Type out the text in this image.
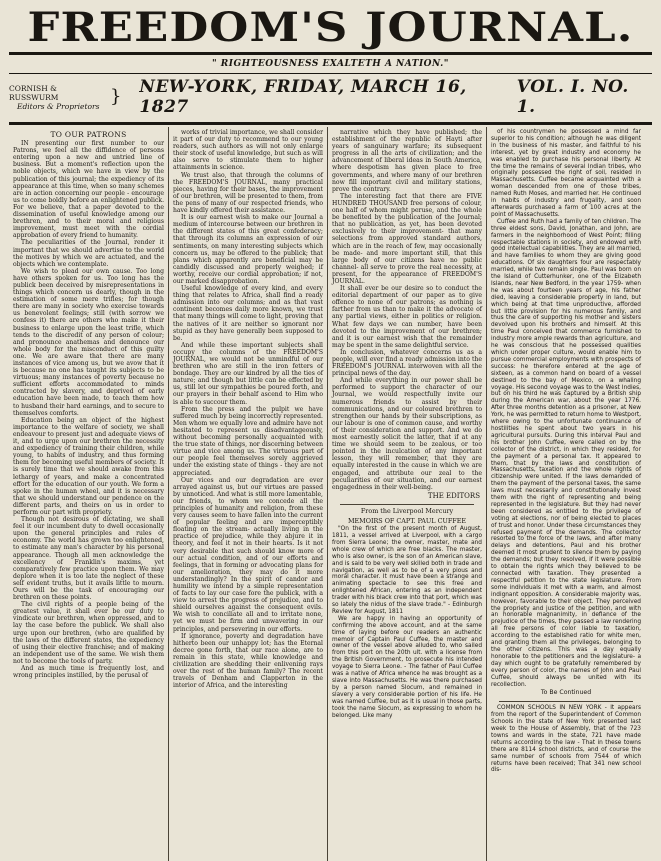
FREEDOM'S JOURNAL.
" RIGHTEOUSNESS EXALTETH A NATION."
CORNISH & RUSSWURM
Editors & Proprietors } NEW-YORK, FRIDAY, MARCH 16, 1827
VOL. I. NO. 1.
TO OUR PATRONS

IN presenting our first number to our Patrons, we feel all the diffidence of persons entering upon a new and untried line of business. But a moment's reflection upon the noble objects, which we have in view by the publication of this journal; the expediency of its appearance at this time, when so many schemes are in action concerning our people - encourage us to come boldly before an enlightened publick. For we believe, that a paper devoted to the dissemination of useful knowledge among our brethren, and to their moral and religious improvement, must meet with the cordial approbation of every friend to humanity.

The peculiarities of the Journal, render it important that we should advertise to the world the motives by which we are actuated, and the objects which we contemplate.

We wish to plead our own cause. Too long have others spoken for us. Too long has the publick been deceived by misrepresentations in things which concern us dearly, though in the estimation of some mere trifles; for though there are many in society who exercise towards us benevolent feelings; still (with sorrow we confess it) there are others who make it their business to enlarge upon the least trifle, which tends to the discredit of any person of colour; and pronounce anathemas and denounce our whole body for the misconduct of this guilty one. We are aware that there are many instances of vice among us, but we avow that it is because no one has taught its subjects to be virtuous; many instances of poverty because no sufficient efforts accommodated to minds contracted by slavery, and deprived of early education have been made, to teach them how to husband their hard earnings, and to secure to themselves comforts.

Education being an object of the highest importance to the welfare of society, we shall endeavour to present just and adequate views of it, and to urge upon our brethren the necessity and expediency of training their children, while young, to habits of industry, and thus forming them for becoming useful members of society. It is surely time that we should awake from this lethargy of years, and make a concentrated effort for the education of our youth. We form a spoke in the human wheel, and it is necessary that we should understand our pendence on the different parts, and theirs on us in order to perform our part with propriety.

Though not desirous of dictating, we shall feel it our incumbent duty to dwell occasionally upon the general principles and rules of economy. The world has grown too enlightened, to estimate any man's character by his personal appearance. Though all men acknowledge the excellency of Franklin's maxims, yet comparatively few practice upon them. We may deplore when it is too late the neglect of these self evident truths, but it avails little to mourn. Ours will be the task of encouraging our brethren on these points.

The civil rights of a people being of the greatest value, it shall ever be our duty to vindicate our brethren, when oppressed, and to lay the case before the publick. We shall also urge upon our brethren, (who are qualified by the laws of the different states, the expediency of using their elective franchise; and of making an independent use of the same. We wish them not to become the tools of party.

And as much time is frequently lost, and wrong principles instilled, by the perusal of

works of trivial importance, we shall consider it part of our duty to recommend to our young readers, such authors as will not only enlarge their stock of useful knowledge, but such as will also serve to stimulate them to higher attainments in science.

We trust also, that through the columns of the FREEDOM'S JOURNAL, many practical pieces, having for their bases, the improvement of our brethren, will be presented to them, from the pens of many of our respected friends, who have kindly offered their assistance.

It is our earnest wish to make our Journal a medium of intercourse between our brethren in the different states of this great confederacy; that through its columns an expression of our sentiments, on many interesting subjects which concern us, may be offered to the publick; that plans which apparently are beneficial may be candidly discussed and properly weighed; if worthy, receive our cordial approbation; if not, our marked disapprobation.

Useful knowledge of every kind, and every thing that relates to Africa, shall find a ready admission into our columns; and as that vast continent becomes daily more known, we trust that many things will come to light, proving that the natives of it are neither so ignorant nor stupid as they have generally been supposed to be.

And while these important subjects shall occupy the columns of the FREEDOM'S JOURNAL, we would not be unmindful of our brethren who are still in the iron fetters of bondage. They are our kindred by all the ties of nature; and though but little can be effected by us, still let our sympathies be poured forth, and our prayers in their behalf ascend to Him who is able to succour them.

From the press and the pulpit we have suffered much by being incorrectly represented. Men whom we equally love and admire have not hesitated to represent us disadvantageously, without becoming personally acquainted with the true state of things, nor discerning between virtue and vice among us. The virtuous part of our people feel themselves sorely aggrieved under the existing state of things - they are not appreciated.

Our vices and our degradation are ever arrayed against us, but our virtues are passed by unnoticed. And what is still more lamentable, our friends, to whom we concede all the principles of humanity and religion, from these very causes seem to have fallen into the current of popular feeling and are imperceptibly floating on the stream- actually living in the practice of prejudice, while they abjure it in theory, and feel it not in their hearts. Is it not very desirable that such should know more of our actual condition, and of our efforts and feelings, that in forming or advocating plans for our amelioration, they may do it more understandingly? In the spirit of candor and humility we intend by a simple representation of facts to lay our case fore the publick, with a view to arrest the progress of prejudice, and to shield ourselves against the consequent evils. We wish to conciliate all and to irritate none, yet we must be firm and unwavering in our principles, and persevering in our efforts.

If ignorance, poverty and degradation have hitherto been our unhappy lot; has the Eternal decree gone forth, that our race alone, are to remain in this state, while knowledge and civilization are shedding their enlivening rays over the rest of the human family? The recent travels of Denham and Clapperton in the interior of Africa, and the interesting

narrative which they have published; the establishment of the republic of Hayti after years of sanguinary warfare; its subsequent progress in all the arts of civilization; and the advancement of liberal ideas in South America, where despotism has given place to free governments, and where many of our brethren now fill important civil and military stations, prove the contrary.

The interesting fact that there are FIVE HUNDRED THOUSAND free persons of colour, one half of whom might peruse, and the whole be benefited by the publication of the Journal; that no publication, as yet, has been devoted exclusively to their improvement- that many selections from approved standard authors, which are in the reach of few, may occasionally be made- and more important still, that this large body of our citizens have no public channel- all serve to prove the real necessity, at present, for the appearance of FREEDOM'S JOURNAL.

It shall ever be our desire so to conduct the editorial department of our paper as to give offence to none of our patrons; as nothing is farther from us than to make it the advocate of any partial views, either in politics or religion. What few days we can number, have been devoted to the improvement of our brethren; and it is our earnest wish that the remainder may be spent in the same delightful service.

In conclusion, whatever concerns us as a people, will ever find a ready admission into the FREEDOM'S JOURNAL interwoven with all the principal news of the day.

And while everything in our power shall be performed to support the character of our Journal, we would respectfully invite our numerous friends to assist by their communications, and our coloured brethren to strengthen our hands by their subscriptions, as our labour is one of common cause, and worthy of their consideration and support. And we do most earnestly solicit the latter, that if at any time we should seem to be zealous, or too pointed in the inculcation of any important lesson, they will remember, that they are equally interested in the cause in which we are engaged, and attribute our zeal to the peculiarities of our situation, and our earnest engagedness in their well-being.

THE EDITORS
From the Liverpool Mercury
MEMOIRS OF CAPT. PAUL CUFFEE

"On the first of the present month of August, 1811, a vessel arrived at Liverpool, with a cargo from Sierra Leone; the owner, master, mate and whole crew of which are free blacks. The master, who is also owner, is the son of an American slave, and is said to be very well skilled both in trade and navigation, as well as to be of a very pious and moral character. It must have been a strange and animating spectacle to see this free and enlightened African, entering as an independent trader with his black crew into that port, which was so lately the nidus of the slave trade." - Edinburgh Review for August, 1811

We are happy in having an opportunity of confirming the above account, and at the same time of laying before our readers an authentic memoir of Captain Paul Cuffee, the master and owner of the vessel above alluded to, who sailed from this port on the 20th ult. with a license from the British Government, to prosecute his intended voyage to Sierra Leone. - The father of Paul Cuffee was a native of Africa whence he was brought as a slave into Massachusetts. He was there purchased by a person named Slocum, and remained in slavery a very considerable portion of his life. He was named Cuffee, but as it is usual in those parts, took the name Slocum, as expressing to whom he belonged. Like many

of his countrymen he possessed a mind far superior to his condition; although he was diligent in the business of his master, and faithful to his interest, yet by great industry and economy he was enabled to purchase his personal liberty. At the time the remains of several Indian tribes, who originally possessed the right of soil, resided in Massachusetts. Cuffee became acquainted with a woman descended from one of those tribes, named Ruth Moses, and married her. He continued in habits of industry and frugality, and soon afterwards purchased a farm of 100 acres at the point of Massachusetts.

Cuffee and Ruth had a family of ten children. The three eldest sons, David, Jonathan, and John, are farmers in the neighborhood of West Point; filling respectable stations in society, and endowed with good intellectual capabilities. They are all married, and have families to whom they are giving good educations. Of six daughters four are respectably married, while two remain single. Paul was born on the Island of Cutterhunker, one of the Elizabeth Islands, near New Bedford, in the year 1759- when he was about fourteen years of age, his father died, leaving a considerable property in land, but which being at that time unproductive, afforded but little provision for his numerous family, and thus the care of supporting his mother and sisters devolved upon his brothers and himself. At this time Paul conceived that commerce furnished to industry more ample rewards than agriculture, and he was conscious that he possessed qualities which under proper culture, would enable him to pursue commercial employments with prospects of success: he therefore entered at the age of sixteen, as a common hand on board of a vessel destined to the bay of Mexico, on a whaling voyage. His second voyage was to the West Indies, but on his third he was captured by a British ship during the American war, about the year 1776. After three months detention as a prisoner, at New York, he was permitted to return home to Westport, where owing to the unfortunate continuance of hostilities he spent about two years in his agricultural pursuits. During this interval Paul and his brother John Cuffee, were called on by the collector of the district, in which they resided, for the payment of a personal tax. It appeared to them, that by the laws and constitution of Massachusetts, taxation and the whole rights of citizenship were united. If the laws demanded of them the payment of the personal taxes, the same laws must necessarily and constitutionally invest them with the right of representing and being represented in the legislature. But they had never been considered as entitled to the privilege of voting at elections, nor of being elected to places of trust and honor. Under these circumstances they refused payment of the demands. The collector resorted to the force of the laws, and after many delays and detentions, Paul and his brother deemed it most prudent to silence them by paying the demands; but they resolved, if it were possible to obtain the rights which they believed to be connected with taxation. They presented a respectful petition to the state legislature. From some individuals it met with a warm, and almost indignant opposition. A considerable majority was, however, favorable to their object. They perceived the propriety and justice of the petition, and with an honorable magnanimity, in defiance of the prejudice of the times, they passed a law rendering all free persons of color liable to taxation, according to the established ratio for white men, and granting them all the privileges, belonging to the other citizens. This was a day equally honorable to the petitioners and the legislature- a day which ought to be gratefully remembered by every person of color, the names of John and Paul Cuffee, should always be united with its recollection.

To Be Continued

COMMON SCHOOLS IN NEW YORK - It appears from the report of the Superintendent of Common Schools in the state of New York presented last week to the House of Assembly, that of the 723 towns and wards in the state, 721 have made returns according to the law - That in these towns there are 8114 school districts, and of course the same number of schools from 7544 of which returns have been received; That 341 new school dis-
